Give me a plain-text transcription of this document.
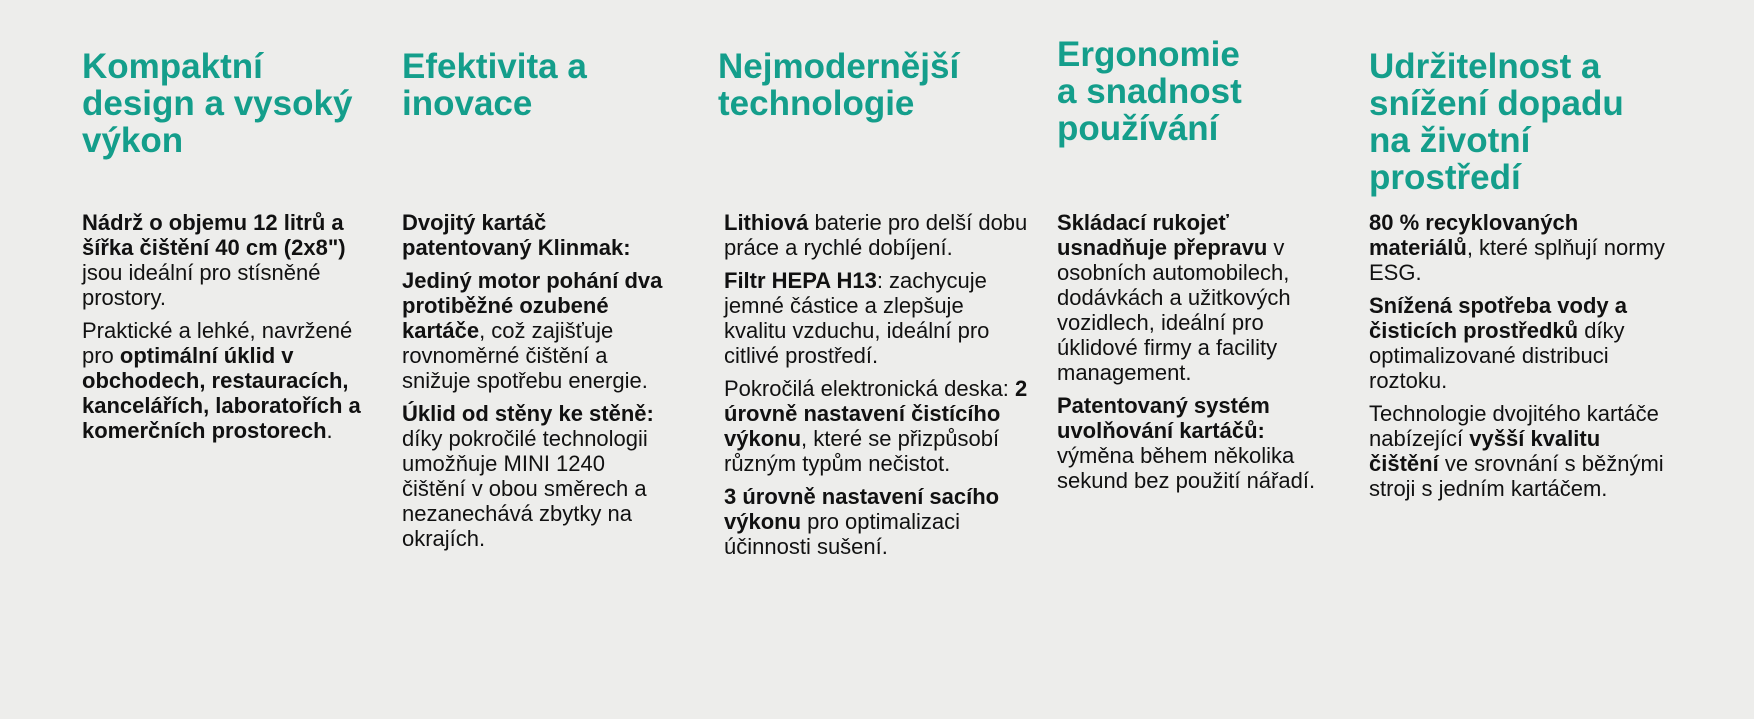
Kompaktní
design a vysoký
výkon

Nádrž o objemu 12 litrů a šířka čištění 40 cm (2x8") jsou ideální pro stísněné prostory.

Praktické a lehké, navržené pro optimální úklid v obchodech, restauracích, kancelářích, laboratořích a komerčních prostorech.

Efektivita a
inovace

Dvojitý kartáč patentovaný Klinmak:

Jediný motor pohání dva protiběžné ozubené kartáče, což zajišťuje rovnoměrné čištění a snižuje spotřebu energie.

Úklid od stěny ke stěně: díky pokročilé technologii umožňuje MINI 1240 čištění v obou směrech a nezanechává zbytky na okrajích.

Nejmodernější
technologie

Lithiová baterie pro delší dobu práce a rychlé dobíjení.

Filtr HEPA H13: zachycuje jemné částice a zlepšuje kvalitu vzduchu, ideální pro citlivé prostředí.

Pokročilá elektronická deska: 2 úrovně nastavení čistícího výkonu, které se přizpůsobí různým typům nečistot.

3 úrovně nastavení sacího výkonu pro optimalizaci účinnosti sušení.

Ergonomie
a snadnost
používání

Skládací rukojeť usnadňuje přepravu v osobních automobilech, dodávkách a užitkových vozidlech, ideální pro úklidové firmy a facility management.

Patentovaný systém uvolňování kartáčů: výměna během několika sekund bez použití nářadí.

Udržitelnost a
snížení dopadu
na životní
prostředí

80 % recyklovaných materiálů, které splňují normy ESG.

Snížená spotřeba vody a čisticích prostředků díky optimalizované distribuci roztoku.

Technologie dvojitého kartáče nabízející vyšší kvalitu čištění ve srovnání s běžnými stroji s jedním kartáčem.
